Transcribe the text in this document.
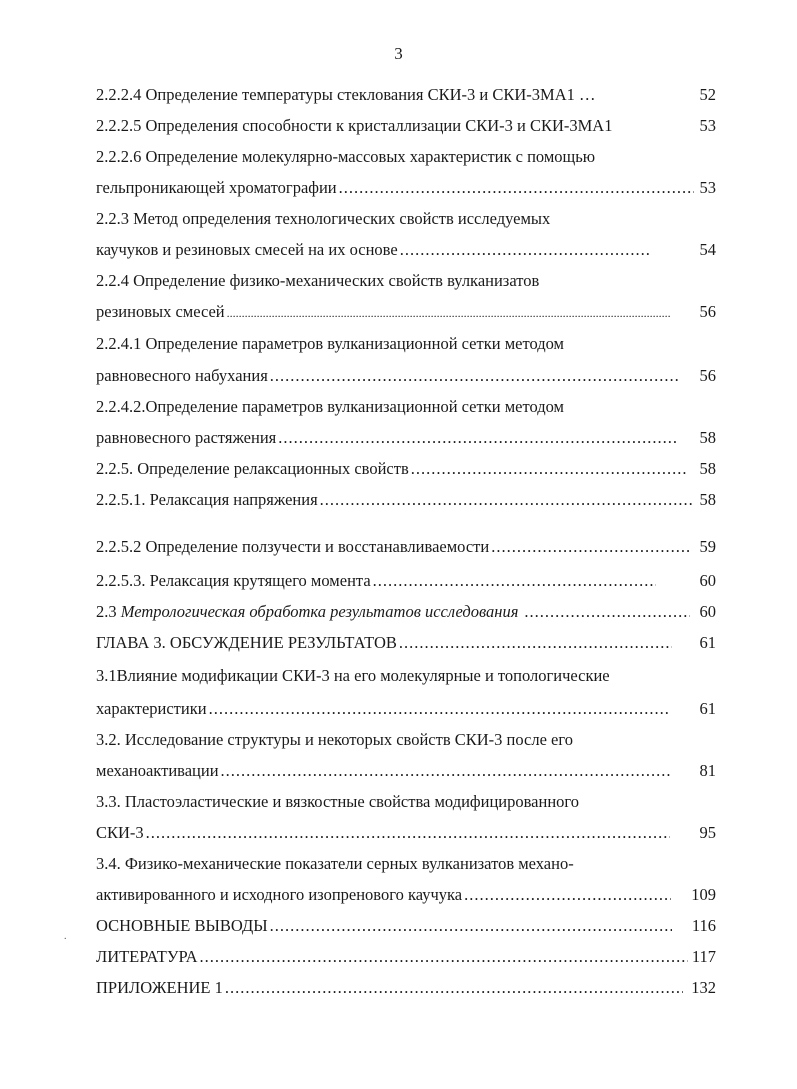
3
2.2.2.4 Определение температуры стеклования СКИ-3 и СКИ-3МА1 …	52
2.2.2.5 Определения способности к кристаллизации СКИ-3 и СКИ-3МА1	53
2.2.2.6 Определение молекулярно-массовых характеристик с помощью
гельпроникающей хроматографии .....	53
2.2.3 Метод определения технологических свойств исследуемых
каучуков и резиновых смесей на их основе .....	54
2.2.4 Определение физико-механических свойств вулканизатов
резиновых смесей .....	56
2.2.4.1 Определение параметров вулканизационной сетки методом
равновесного набухания .....	56
2.2.4.2.Определение параметров вулканизационной сетки методом
равновесного растяжения .....	58
2.2.5. Определение релаксационных свойств .....	58
2.2.5.1. Релаксация напряжения .....	58
2.2.5.2 Определение ползучести и восстанавливаемости .....	59
2.2.5.3. Релаксация крутящего момента .....	60
2.3 Метрологическая обработка результатов исследования .....	60
ГЛАВА 3. ОБСУЖДЕНИЕ РЕЗУЛЬТАТОВ .....	61
3.1Влияние модификации СКИ-3 на его молекулярные и топологические
характеристики .....	61
3.2. Исследование структуры и некоторых свойств СКИ-3 после его
механоактивации .....	81
3.3. Пластоэластические и вязкостные свойства модифицированного
СКИ-3 .....	95
3.4. Физико-механические показатели серных вулканизатов механо-
активированного и исходного изопренового каучука .....	109
ОСНОВНЫЕ ВЫВОДЫ .....	116
ЛИТЕРАТУРА .....	117
ПРИЛОЖЕНИЕ 1 .....	132
.
